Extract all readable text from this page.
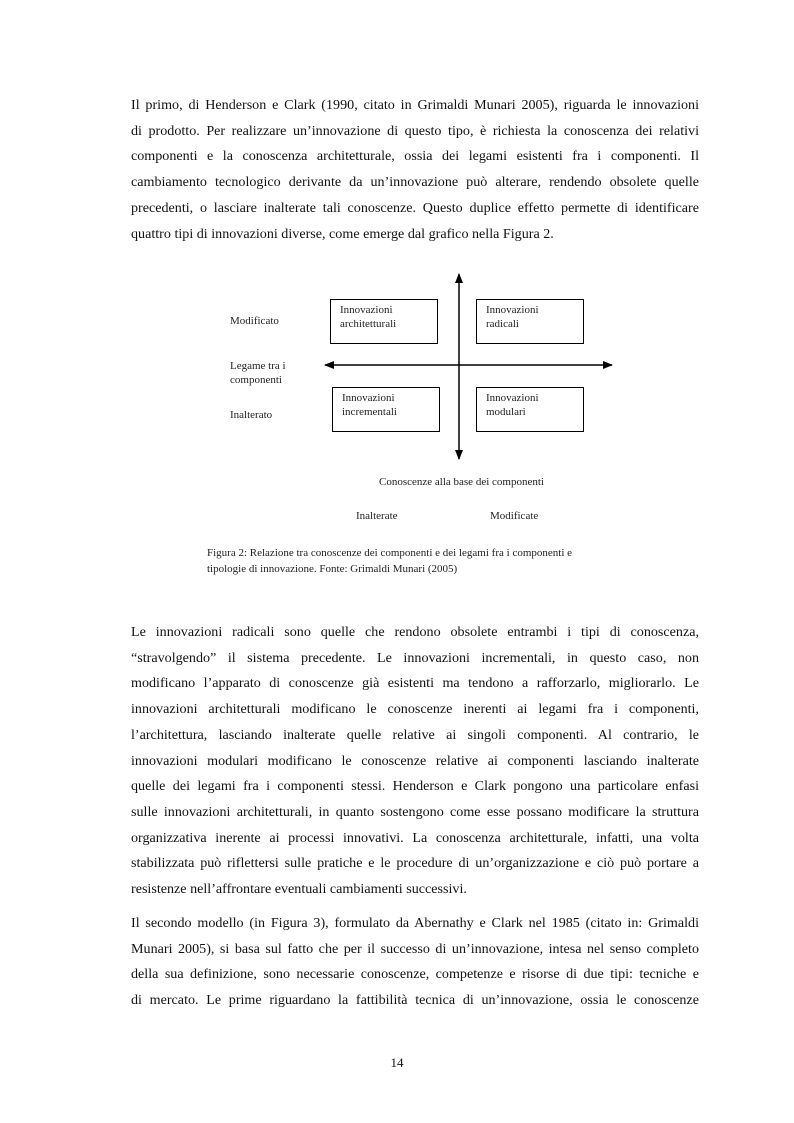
Il primo, di Henderson e Clark (1990, citato in Grimaldi Munari 2005), riguarda le innovazioni
di prodotto. Per realizzare un’innovazione di questo tipo, è richiesta la conoscenza dei relativi
componenti e la conoscenza architetturale, ossia dei legami esistenti fra i componenti. Il
cambiamento tecnologico derivante da un’innovazione può alterare, rendendo obsolete quelle
precedenti, o lasciare inalterate tali conoscenze. Questo duplice effetto permette di identificare
quattro tipi di innovazioni diverse, come emerge dal grafico nella Figura 2.
Innovazioni
architetturali
Innovazioni
radicali
Innovazioni
incrementali
Innovazioni
modulari
Modificato
Legame tra i
componenti
Inalterato
Conoscenze alla base dei componenti
Inalterate	Modificate
Figura 2: Relazione tra conoscenze dei componenti e dei legami fra i componenti e
tipologie di innovazione. Fonte: Grimaldi Munari (2005)
Le innovazioni radicali sono quelle che rendono obsolete entrambi i tipi di conoscenza,
“stravolgendo” il sistema precedente. Le innovazioni incrementali, in questo caso, non
modificano l’apparato di conoscenze già esistenti ma tendono a rafforzarlo, migliorarlo. Le
innovazioni architetturali modificano le conoscenze inerenti ai legami fra i componenti,
l’architettura, lasciando inalterate quelle relative ai singoli componenti. Al contrario, le
innovazioni modulari modificano le conoscenze relative ai componenti lasciando inalterate
quelle dei legami fra i componenti stessi. Henderson e Clark pongono una particolare enfasi
sulle innovazioni architetturali, in quanto sostengono come esse possano modificare la struttura
organizzativa inerente ai processi innovativi. La conoscenza architetturale, infatti, una volta
stabilizzata può riflettersi sulle pratiche e le procedure di un’organizzazione e ciò può portare a
resistenze nell’affrontare eventuali cambiamenti successivi.
Il secondo modello (in Figura 3), formulato da Abernathy e Clark nel 1985 (citato in: Grimaldi
Munari 2005), si basa sul fatto che per il successo di un’innovazione, intesa nel senso completo
della sua definizione, sono necessarie conoscenze, competenze e risorse di due tipi: tecniche e
di mercato. Le prime riguardano la fattibilità tecnica di un’innovazione, ossia le conoscenze
14
